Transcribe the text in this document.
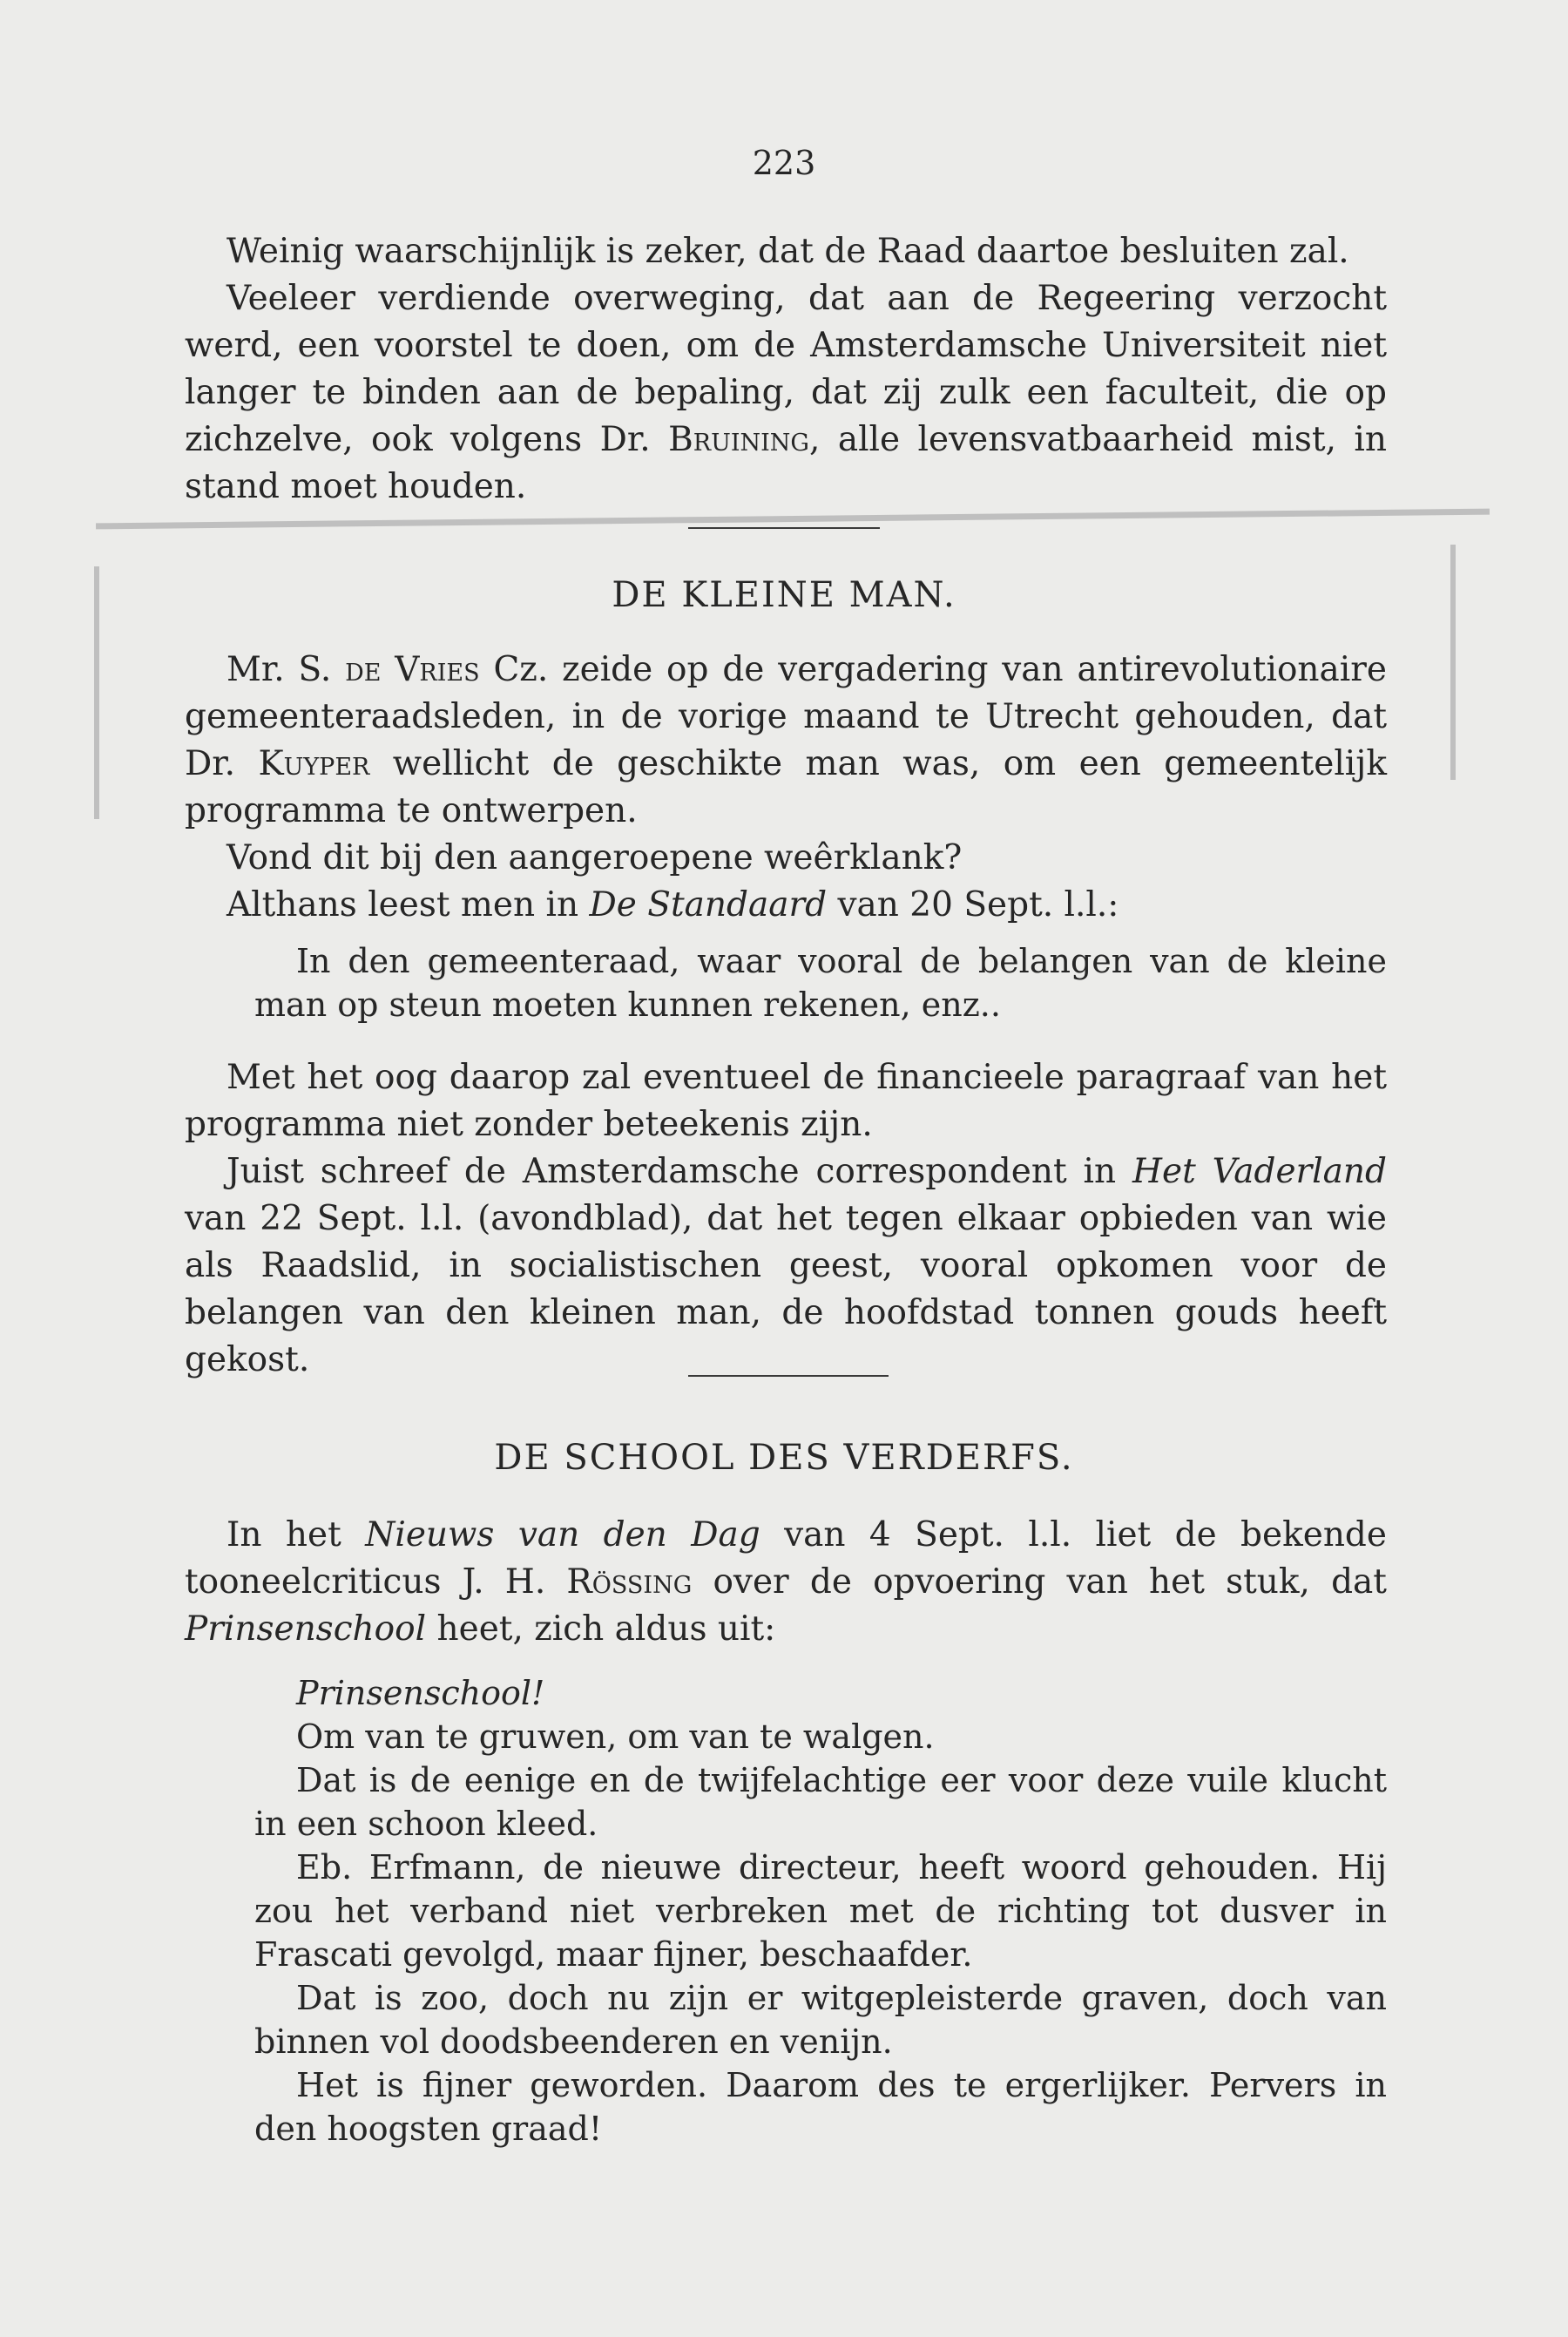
223

Weinig waarschijnlijk is zeker, dat de Raad daartoe besluiten zal.

Veeleer verdiende overweging, dat aan de Regeering verzocht werd, een voorstel te doen, om de Amsterdamsche Universiteit niet langer te binden aan de bepaling, dat zij zulk een faculteit, die op zichzelve, ook volgens Dr. Bruining, alle levensvatbaarheid mist, in stand moet houden.

DE KLEINE MAN.

Mr. S. de Vries Cz. zeide op de vergadering van antirevolutionaire gemeenteraadsleden, in de vorige maand te Utrecht gehouden, dat Dr. Kuyper wellicht de geschikte man was, om een gemeentelijk programma te ontwerpen.

Vond dit bij den aangeroepene weêrklank?

Althans leest men in De Standaard van 20 Sept. l.l.:

In den gemeenteraad, waar vooral de belangen van de kleine man op steun moeten kunnen rekenen, enz..

Met het oog daarop zal eventueel de financieele paragraaf van het programma niet zonder beteekenis zijn.

Juist schreef de Amsterdamsche correspondent in Het Vaderland van 22 Sept. l.l. (avondblad), dat het tegen elkaar opbieden van wie als Raadslid, in socialistischen geest, vooral opkomen voor de belangen van den kleinen man, de hoofdstad tonnen gouds heeft gekost.

DE SCHOOL DES VERDERFS.

In het Nieuws van den Dag van 4 Sept. l.l. liet de bekende tooneelcriticus J. H. Rössing over de opvoering van het stuk, dat Prinsenschool heet, zich aldus uit:

Prinsenschool!

Om van te gruwen, om van te walgen.

Dat is de eenige en de twijfelachtige eer voor deze vuile klucht in een schoon kleed.

Eb. Erfmann, de nieuwe directeur, heeft woord gehouden. Hij zou het verband niet verbreken met de richting tot dusver in Frascati gevolgd, maar fijner, beschaafder.

Dat is zoo, doch nu zijn er witgepleisterde graven, doch van binnen vol doodsbeenderen en venijn.

Het is fijner geworden. Daarom des te ergerlijker. Pervers in den hoogsten graad!
